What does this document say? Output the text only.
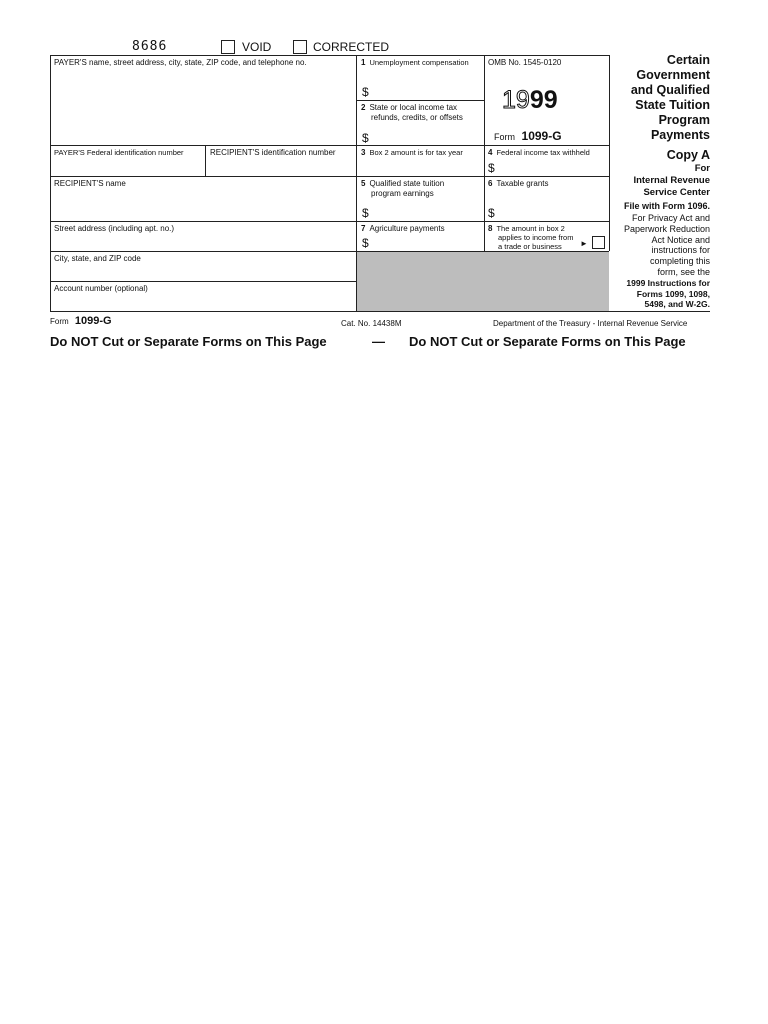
8686	VOID	CORRECTED
PAYER'S name, street address, city, state, ZIP code, and telephone no.	1 Unemployment compensation
$
2 State or local income tax
refunds, credits, or offsets
$
OMB No. 1545-0120
1999
Form 1099-G
PAYER'S Federal identification number	RECIPIENT'S identification number	3 Box 2 amount is for tax year	4 Federal income tax withheld
$
RECIPIENT'S name	5 Qualified state tuition
program earnings
$
6 Taxable grants
$
Street address (including apt. no.)	7 Agriculture payments
$
8 The amount in box 2
applies to income from
a trade or business	►
City, state, and ZIP code
Account number (optional)
Certain
Government
and Qualified
State Tuition
Program
Payments
Copy A
For
Internal Revenue
Service Center
File with Form 1096.
For Privacy Act and
Paperwork Reduction
Act Notice and
instructions for
completing this
form, see the
1999 Instructions for
Forms 1099, 1098,
5498, and W-2G.
Form 1099-G	Cat. No. 14438M	Department of the Treasury - Internal Revenue Service
Do NOT Cut or Separate Forms on This Page	— Do NOT Cut or Separate Forms on This Page
